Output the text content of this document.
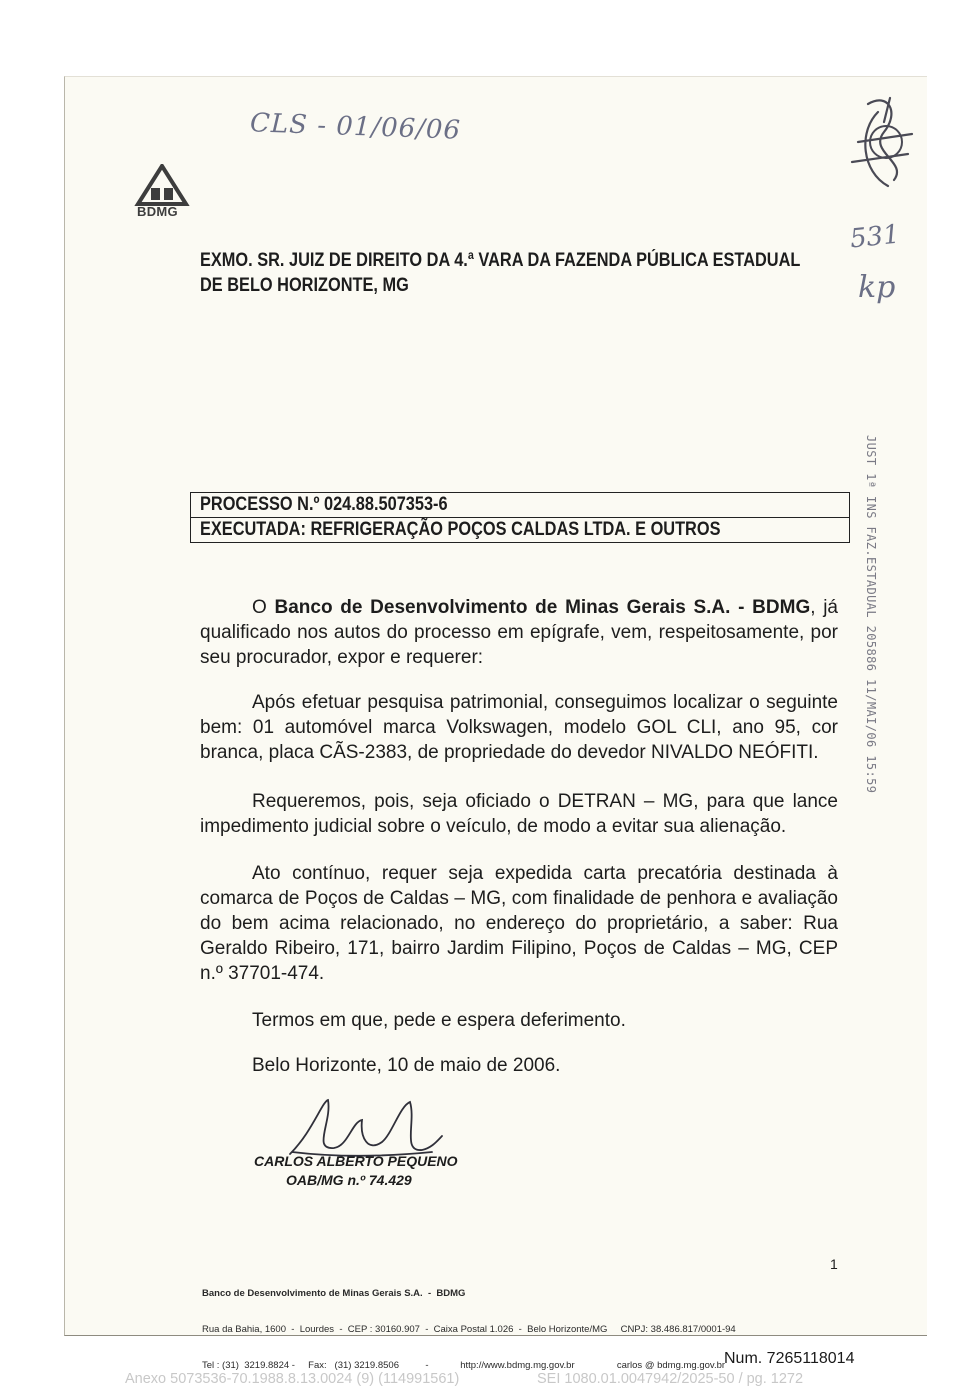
CLS - 01/06/06
531
kp
BDMG
EXMO. SR. JUIZ DE DIREITO DA 4.ª VARA DA FAZENDA PÚBLICA ESTADUAL
DE BELO HORIZONTE, MG
JUST 1ª INS FAZ.ESTADUAL 205886 11/MAI/06 15:59
PROCESSO N.º 024.88.507353-6
EXECUTADA: REFRIGERAÇÃO POÇOS CALDAS LTDA. E OUTROS

O Banco de Desenvolvimento de Minas Gerais S.A. - BDMG, já qualificado nos autos do processo em epígrafe, vem, respeitosamente, por seu procurador, expor e requerer:

Após efetuar pesquisa patrimonial, conseguimos localizar o seguinte bem: 01 automóvel marca Volkswagen, modelo GOL CLI, ano 95, cor branca, placa CÃS-2383, de propriedade do devedor NIVALDO NEÓFITI.

Requeremos, pois, seja oficiado o DETRAN – MG, para que lance impedimento judicial sobre o veículo, de modo a evitar sua alienação.

Ato contínuo, requer seja expedida carta precatória destinada à comarca de Poços de Caldas – MG, com finalidade de penhora e avaliação do bem acima relacionado, no endereço do proprietário, a saber: Rua Geraldo Ribeiro, 171, bairro Jardim Filipino, Poços de Caldas – MG, CEP n.º 37701-474.

Termos em que, pede e espera deferimento.

Belo Horizonte, 10 de maio de 2006.

CARLOS ALBERTO PEQUENO
OAB/MG n.º 74.429
1

Banco de Desenvolvimento de Minas Gerais S.A.  -  BDMG

Rua da Bahia, 1600  -  Lourdes  -  CEP : 30160.907  -  Caixa Postal 1.026  -  Belo Horizonte/MG     CNPJ: 38.486.817/0001-94

Tel : (31)  3219.8824 -     Fax:   (31) 3219.8506          -            http://www.bdmg.mg.gov.br                carlos @ bdmg.mg.gov.br

Num. 7265118014
Anexo 5073536-70.1988.8.13.0024 (9) (114991561)	SEI 1080.01.0047942/2025-50 / pg. 1272
